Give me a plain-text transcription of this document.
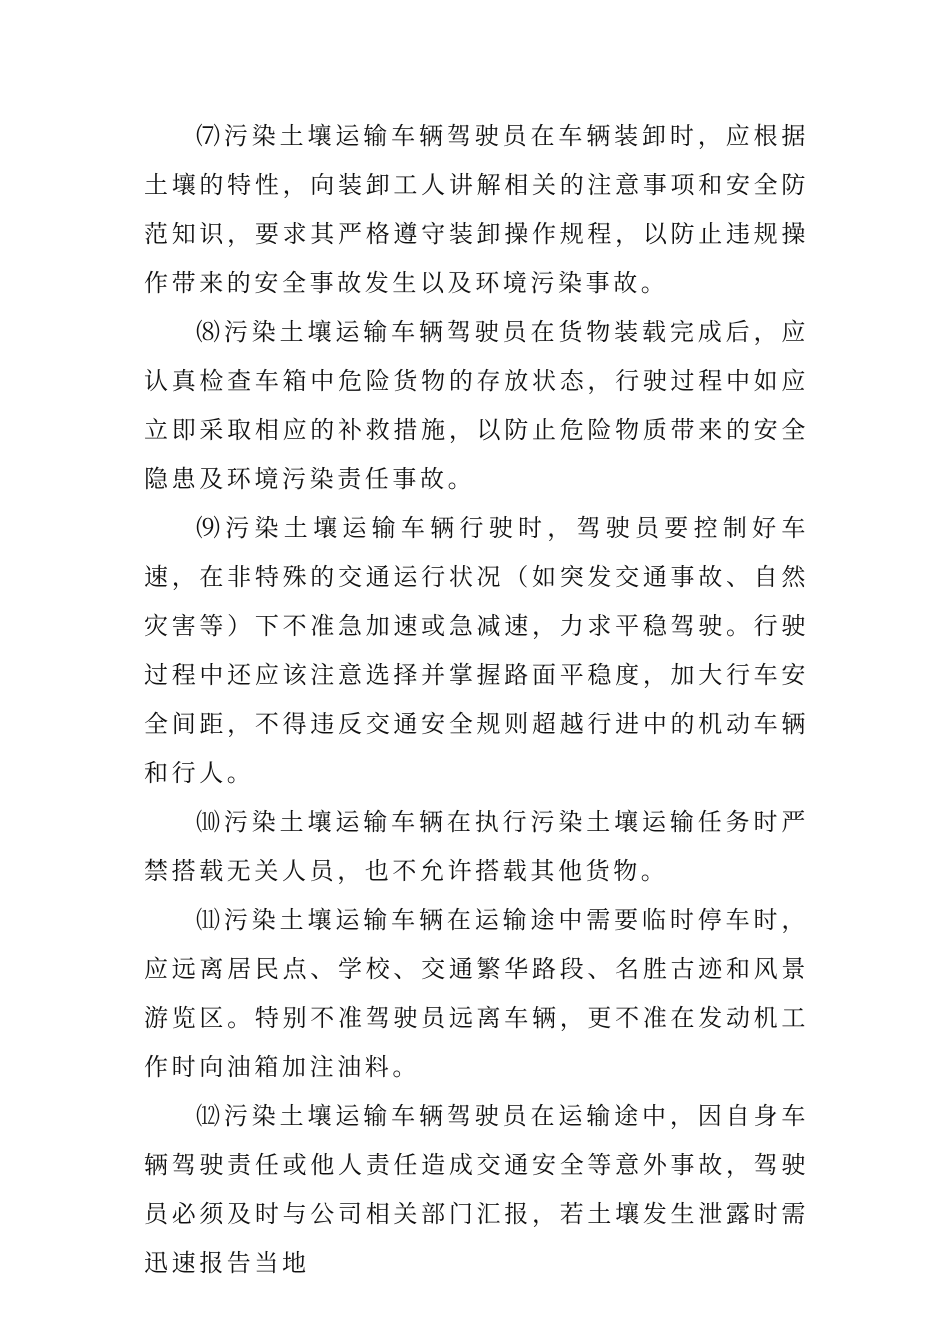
⑺污染土壤运输车辆驾驶员在车辆装卸时，应根据土壤的特性，向装卸工人讲解相关的注意事项和安全防范知识，要求其严格遵守装卸操作规程，以防止违规操作带来的安全事故发生以及环境污染事故。

⑻污染土壤运输车辆驾驶员在货物装载完成后，应认真检查车箱中危险货物的存放状态，行驶过程中如应立即采取相应的补救措施，以防止危险物质带来的安全隐患及环境污染责任事故。

⑼污染土壤运输车辆行驶时，驾驶员要控制好车速，在非特殊的交通运行状况（如突发交通事故、自然灾害等）下不准急加速或急减速，力求平稳驾驶。行驶过程中还应该注意选择并掌握路面平稳度，加大行车安全间距，不得违反交通安全规则超越行进中的机动车辆和行人。

⑽污染土壤运输车辆在执行污染土壤运输任务时严禁搭载无关人员，也不允许搭载其他货物。

⑾污染土壤运输车辆在运输途中需要临时停车时，应远离居民点、学校、交通繁华路段、名胜古迹和风景游览区。特别不准驾驶员远离车辆，更不准在发动机工作时向油箱加注油料。

⑿污染土壤运输车辆驾驶员在运输途中，因自身车辆驾驶责任或他人责任造成交通安全等意外事故，驾驶员必须及时与公司相关部门汇报，若土壤发生泄露时需迅速报告当地
